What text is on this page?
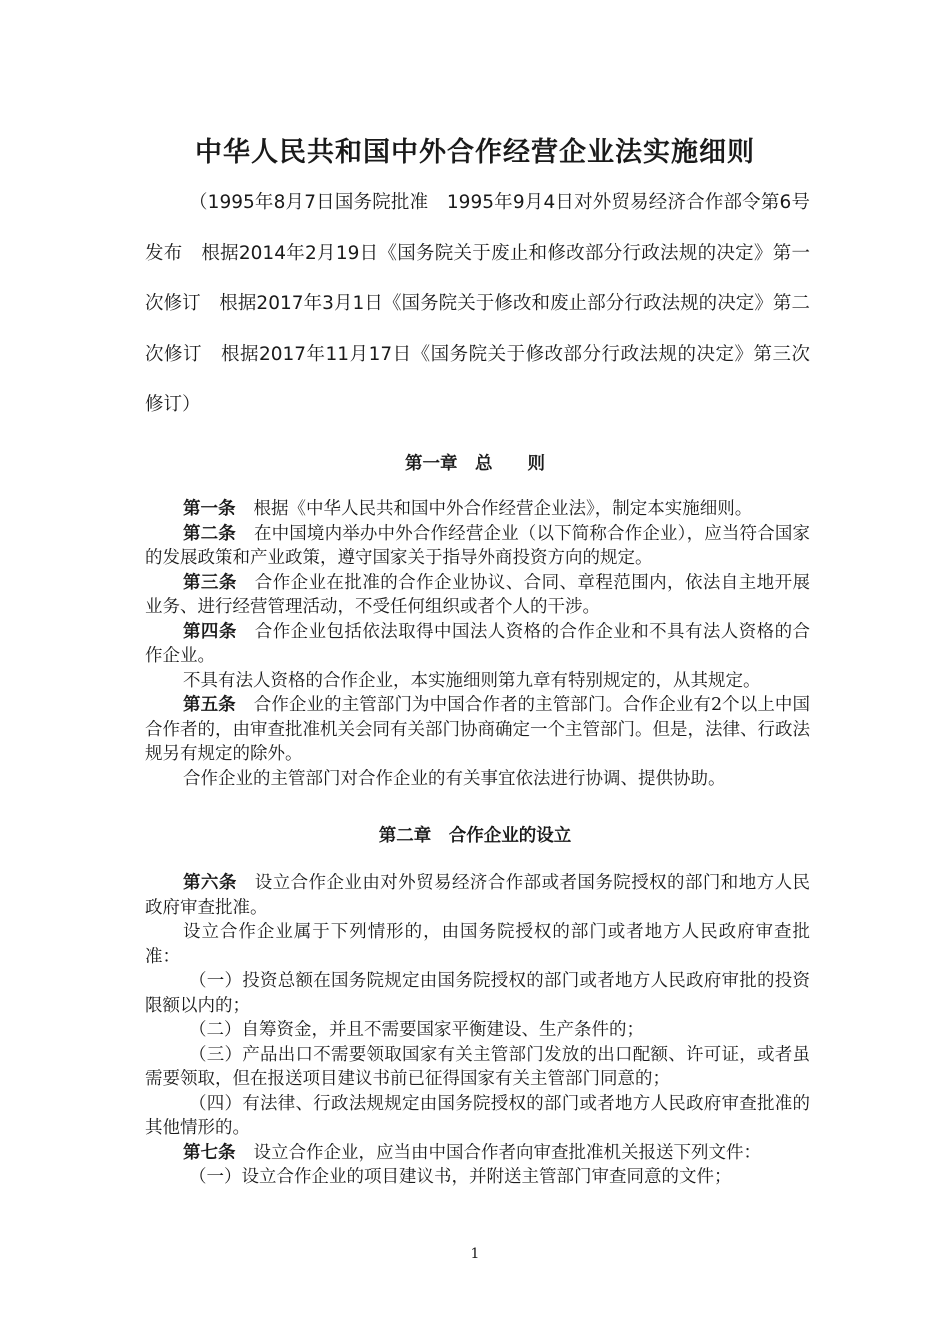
中华人民共和国中外合作经营企业法实施细则

（1995年8月7日国务院批准　1995年9月4日对外贸易经济合作部令第6号发布　根据2014年2月19日《国务院关于废止和修改部分行政法规的决定》第一次修订　根据2017年3月1日《国务院关于修改和废止部分行政法规的决定》第二次修订　根据2017年11月17日《国务院关于修改部分行政法规的决定》第三次修订）

第一章　总　　则

第一条 根据《中华人民共和国中外合作经营企业法》，制定本实施细则。

第二条 在中国境内举办中外合作经营企业（以下简称合作企业），应当符合国家的发展政策和产业政策，遵守国家关于指导外商投资方向的规定。

第三条 合作企业在批准的合作企业协议、合同、章程范围内，依法自主地开展业务、进行经营管理活动，不受任何组织或者个人的干涉。

第四条 合作企业包括依法取得中国法人资格的合作企业和不具有法人资格的合作企业。

不具有法人资格的合作企业，本实施细则第九章有特别规定的，从其规定。

第五条 合作企业的主管部门为中国合作者的主管部门。合作企业有2个以上中国合作者的，由审查批准机关会同有关部门协商确定一个主管部门。但是，法律、行政法规另有规定的除外。

合作企业的主管部门对合作企业的有关事宜依法进行协调、提供协助。

第二章　合作企业的设立

第六条 设立合作企业由对外贸易经济合作部或者国务院授权的部门和地方人民政府审查批准。

设立合作企业属于下列情形的，由国务院授权的部门或者地方人民政府审查批准：

（一）投资总额在国务院规定由国务院授权的部门或者地方人民政府审批的投资限额以内的；

（二）自筹资金，并且不需要国家平衡建设、生产条件的；

（三）产品出口不需要领取国家有关主管部门发放的出口配额、许可证，或者虽需要领取，但在报送项目建议书前已征得国家有关主管部门同意的；

（四）有法律、行政法规规定由国务院授权的部门或者地方人民政府审查批准的其他情形的。

第七条 设立合作企业，应当由中国合作者向审查批准机关报送下列文件：

（一）设立合作企业的项目建议书，并附送主管部门审查同意的文件；

1
